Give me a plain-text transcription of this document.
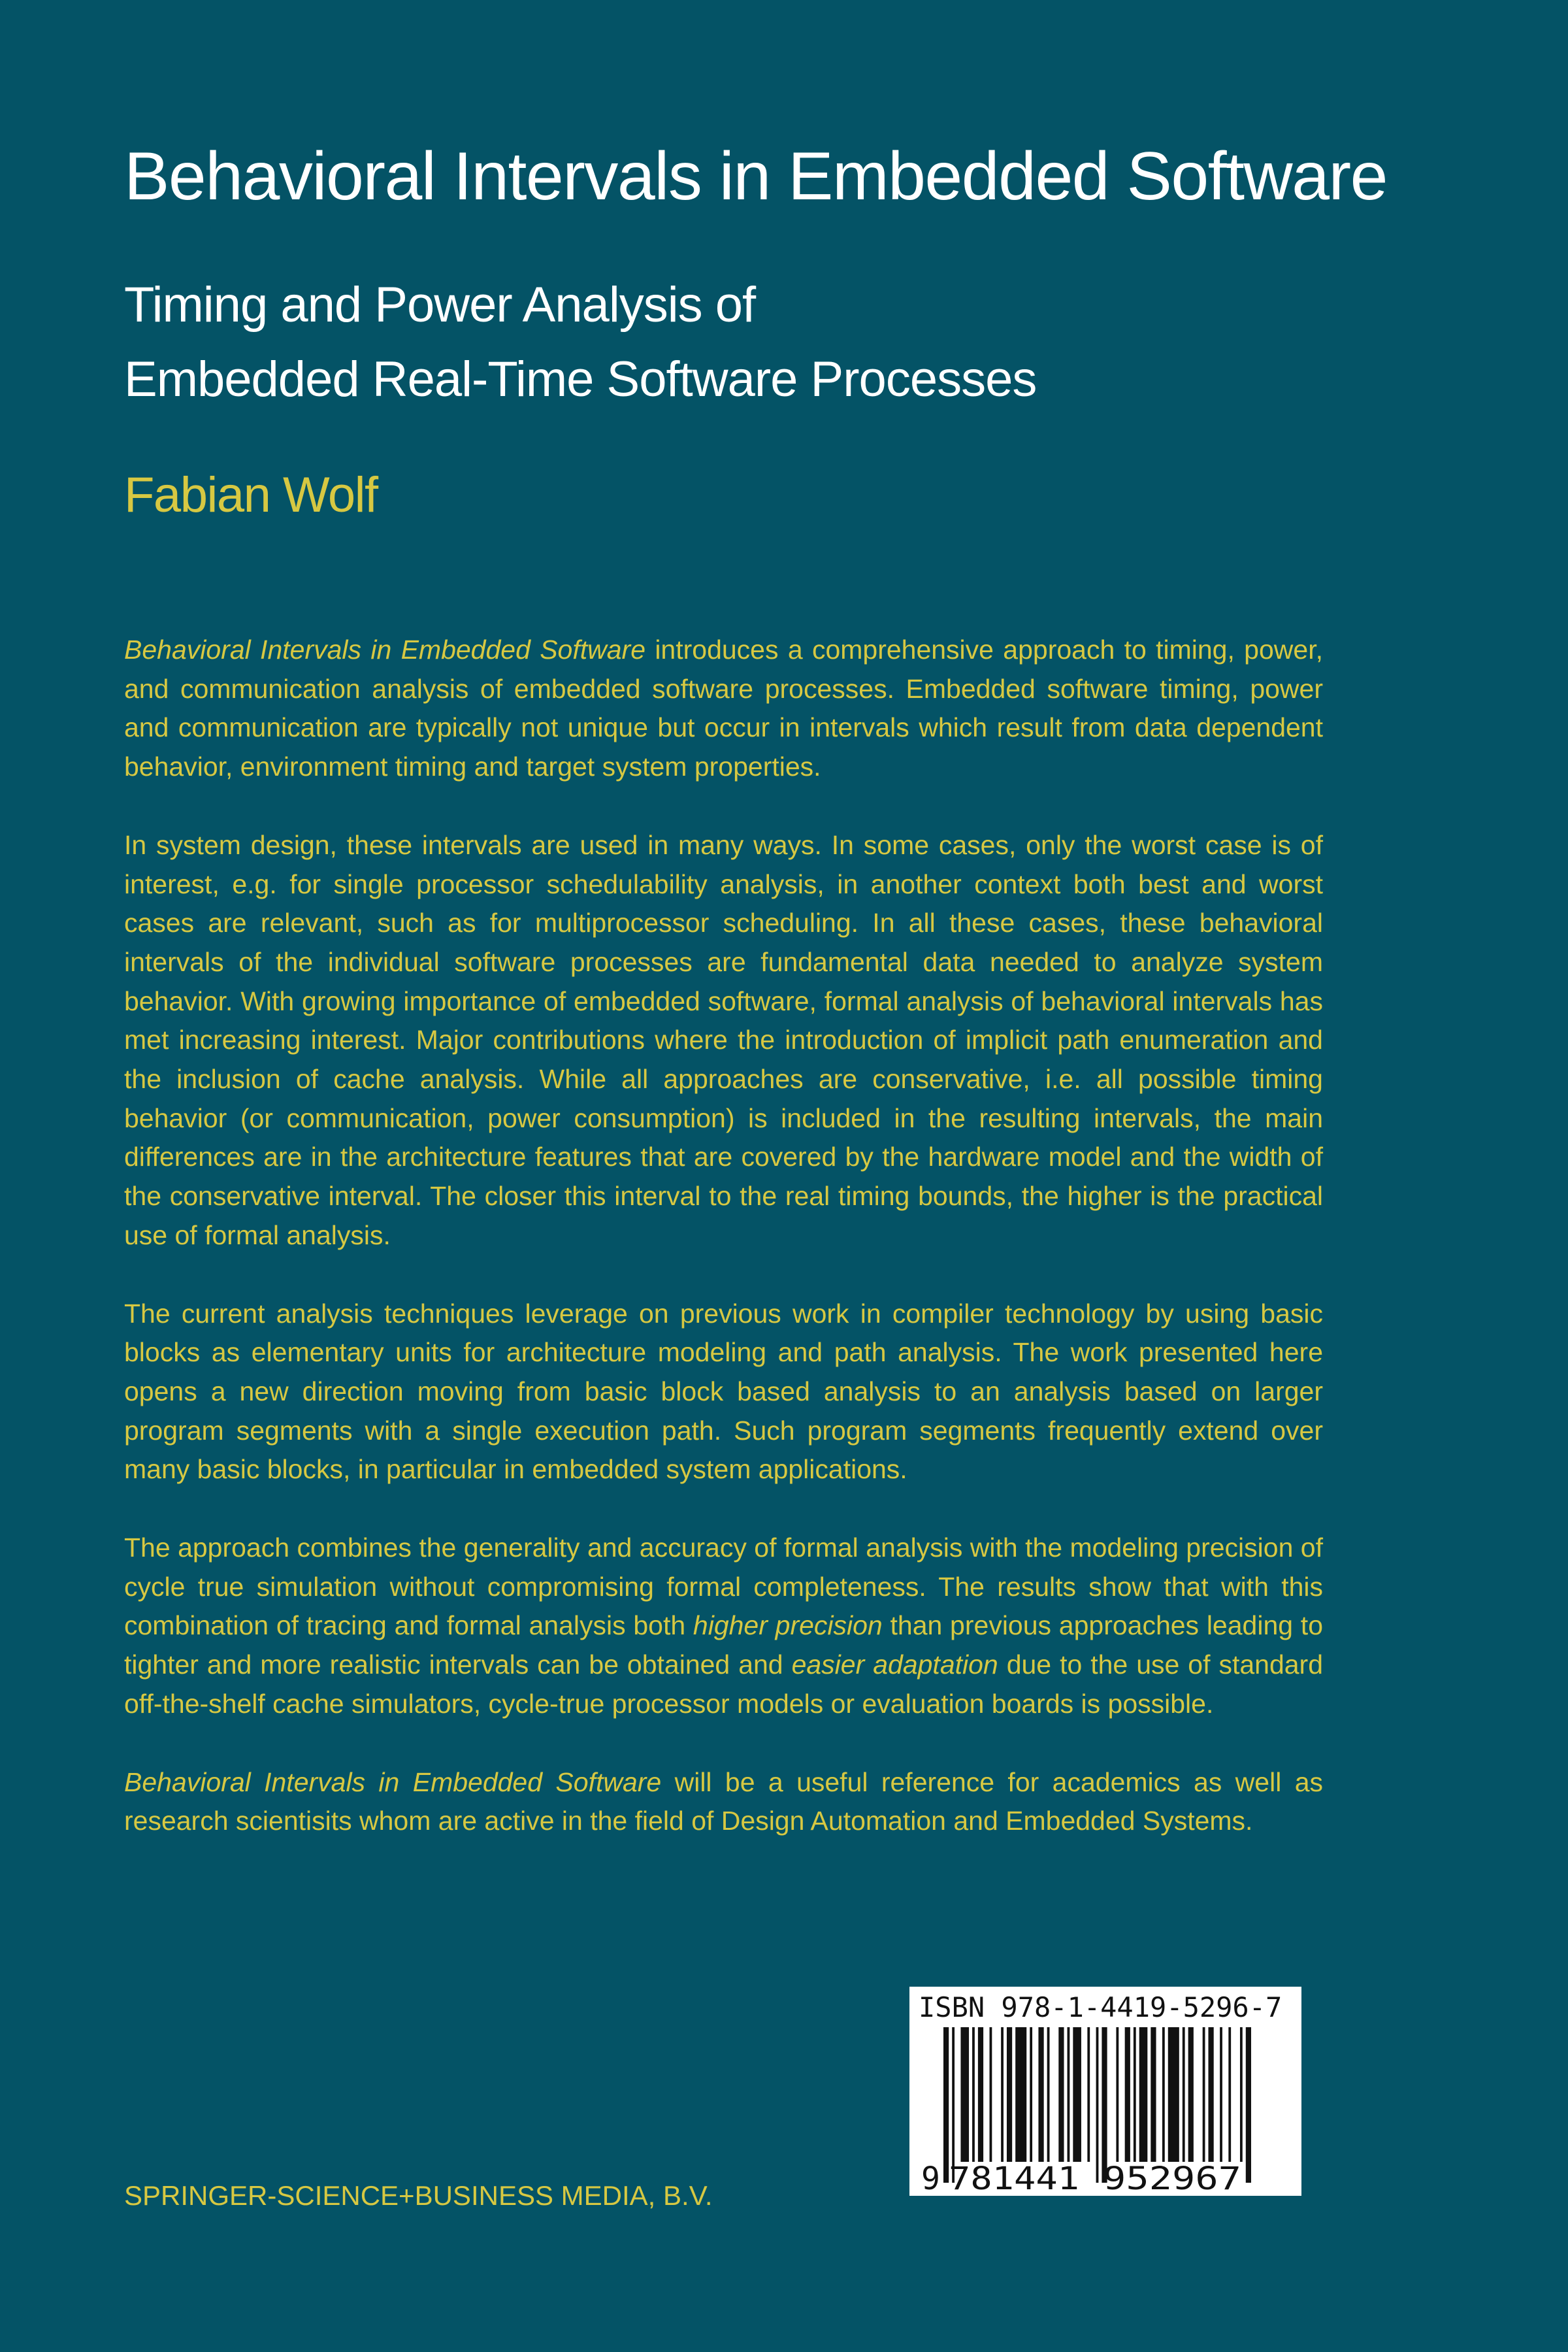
Behavioral Intervals in Embedded Software
Timing and Power Analysis of
Embedded Real-Time Software Processes
Fabian Wolf

Behavioral Intervals in Embedded Software introduces a comprehensive approach to timing, power, and communication analysis of embedded software processes. Embedded software timing, power and communication are typically not unique but occur in intervals which result from data dependent behavior, environment timing and target system properties.

In system design, these intervals are used in many ways. In some cases, only the worst case is of interest, e.g. for single processor schedulability analysis, in another context both best and worst cases are relevant, such as for multiprocessor scheduling. In all these cases, these behavioral intervals of the individual software processes are fundamental data needed to analyze system behavior. With growing importance of embedded software, formal analysis of behavioral intervals has met increasing interest. Major contributions where the introduction of implicit path enumeration and the inclusion of cache analysis. While all approaches are conservative, i.e. all possible timing behavior (or communication, power consumption) is included in the resulting intervals, the main differences are in the architecture features that are covered by the hardware model and the width of the conservative interval. The closer this interval to the real timing bounds, the higher is the practical use of formal analysis.

The current analysis techniques leverage on previous work in compiler technology by using basic blocks as elementary units for architecture modeling and path analysis. The work presented here opens a new direction moving from basic block based analysis to an analysis based on larger program segments with a single execution path. Such program segments frequently extend over many basic blocks, in particular in embedded system applications.

The approach combines the generality and accuracy of formal analysis with the modeling precision of cycle true simulation without compromising formal completeness. The results show that with this combination of tracing and formal analysis both higher precision than previous approaches leading to tighter and more realistic intervals can be obtained and easier adaptation due to the use of standard off-the-shelf cache simulators, cycle-true processor models or evaluation boards is possible.

Behavioral Intervals in Embedded Software will be a useful reference for academics as well as research scientisits whom are active in the field of Design Automation and Embedded Systems.

ISBN 978-1-4419-5296-7
9 781441 952967
SPRINGER-SCIENCE+BUSINESS MEDIA, B.V.
